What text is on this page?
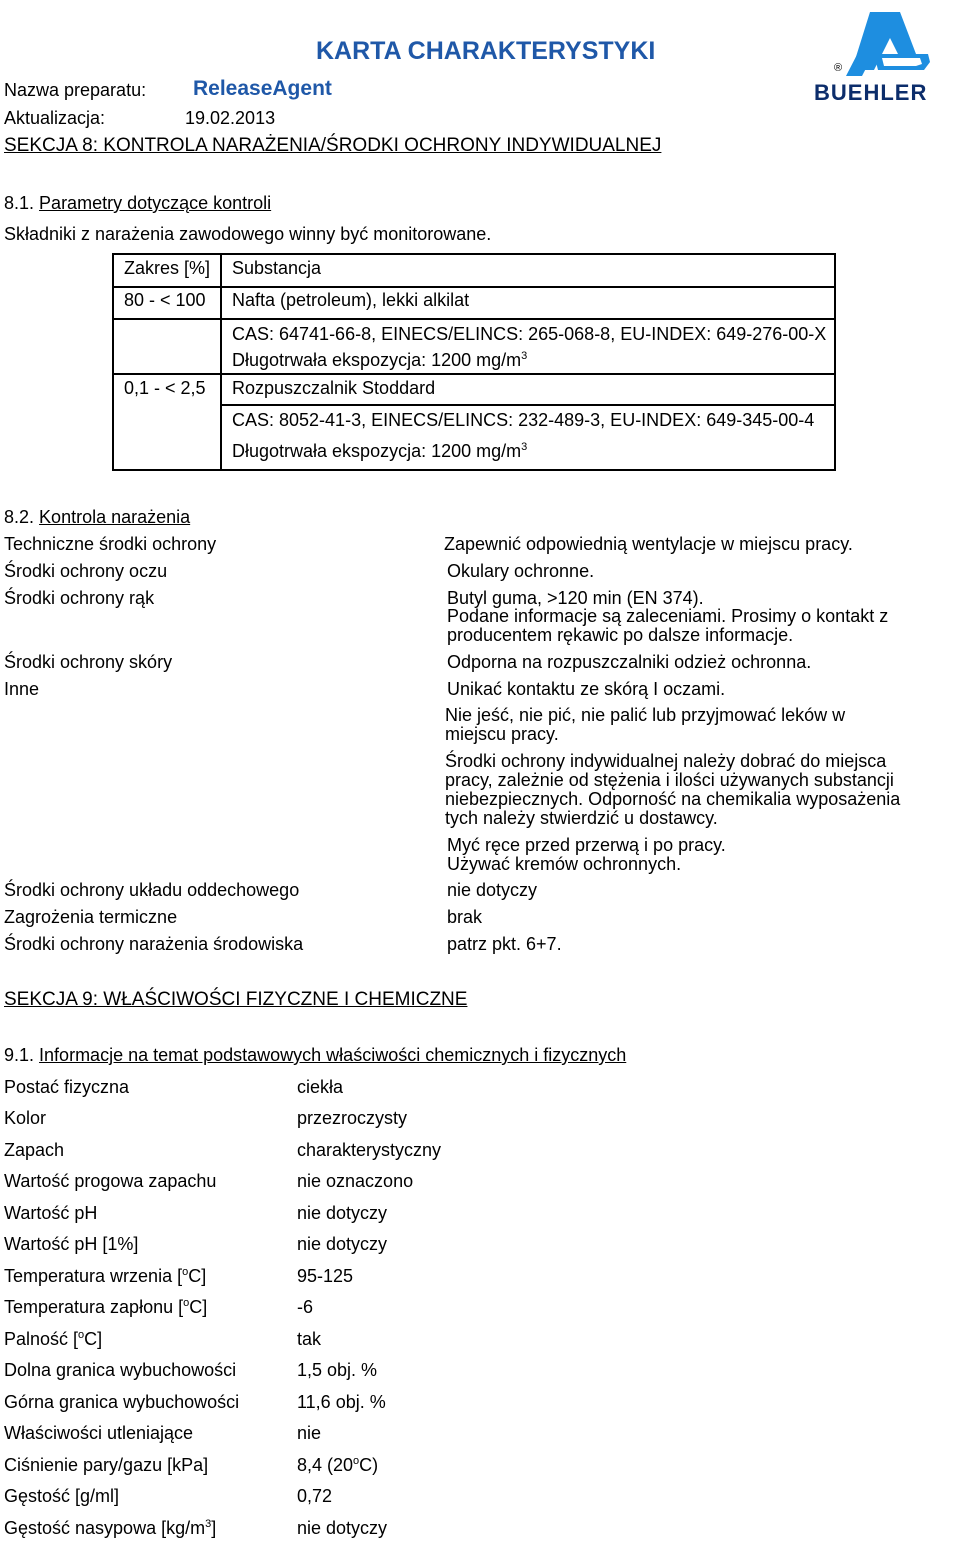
KARTA CHARAKTERYSTYKI
Nazwa preparatu: ReleaseAgent
Aktualizacja:	19.02.2013
®
BUEHLER
SEKCJA 8: KONTROLA NARAŻENIA/ŚRODKI OCHRONY INDYWIDUALNEJ
8.1. Parametry dotyczące kontroli
Składniki z narażenia zawodowego winny być monitorowane.
Zakres [%] Substancja
80 - < 100 Nafta (petroleum), lekki alkilat
CAS: 64741-66-8, EINECS/ELINCS: 265-068-8, EU-INDEX: 649-276-00-X
Długotrwała ekspozycja: 1200 $mg/m^3$
0,1 - < 2,5 Rozpuszczalnik Stoddard
CAS: 8052-41-3, EINECS/ELINCS: 232-489-3, EU-INDEX: 649-345-00-4
Długotrwała ekspozycja: 1200 $mg/m^3$
8.2. Kontrola narażenia
Techniczne środki ochrony	Zapewnić odpowiednią wentylacje w miejscu pracy.
Środki ochrony oczu	Okulary ochronne.
Środki ochrony rąk	Butyl guma, >120 min (EN 374).
Podane informacje są zaleceniami. Prosimy o kontakt z producentem rękawic po dalsze informacje.
Środki ochrony skóry	Odporna na rozpuszczalniki odzież ochronna.
Inne	Unikać kontaktu ze skórą I oczami.
Nie jeść, nie pić, nie palić lub przyjmować leków w miejscu pracy.
Środki ochrony indywidualnej należy dobrać do miejsca pracy, zależnie od stężenia i ilości używanych substancji niebezpiecznych. Odporność na chemikalia wyposażenia tych należy stwierdzić u dostawcy.
Myć ręce przed przerwą i po pracy.
Używać kremów ochronnych.
Środki ochrony układu oddechowego	nie dotyczy
Zagrożenia termiczne	brak
Środki ochrony narażenia środowiska	patrz pkt. 6+7.
SEKCJA 9: WŁAŚCIWOŚCI FIZYCZNE I CHEMICZNE
9.1. Informacje na temat podstawowych właściwości chemicznych i fizycznych
Postać fizyczna	ciekła
Kolor	przezroczysty
Zapach	charakterystyczny
Wartość progowa zapachu	nie oznaczono
Wartość pH	nie dotyczy
Wartość pH [1%]	nie dotyczy
Temperatura wrzenia [$^o$C]	95-125
Temperatura zapłonu [$^o$C]	-6
Palność [$^o$C]	tak
Dolna granica wybuchowości	1,5 obj. %
Górna granica wybuchowości	11,6 obj. %
Właściwości utleniające	nie
Ciśnienie pary/gazu [kPa]	8,4 (20$^o$C)
Gęstość [g/ml]	0,72
Gęstość nasypowa $[kg/m^3]$	nie dotyczy
